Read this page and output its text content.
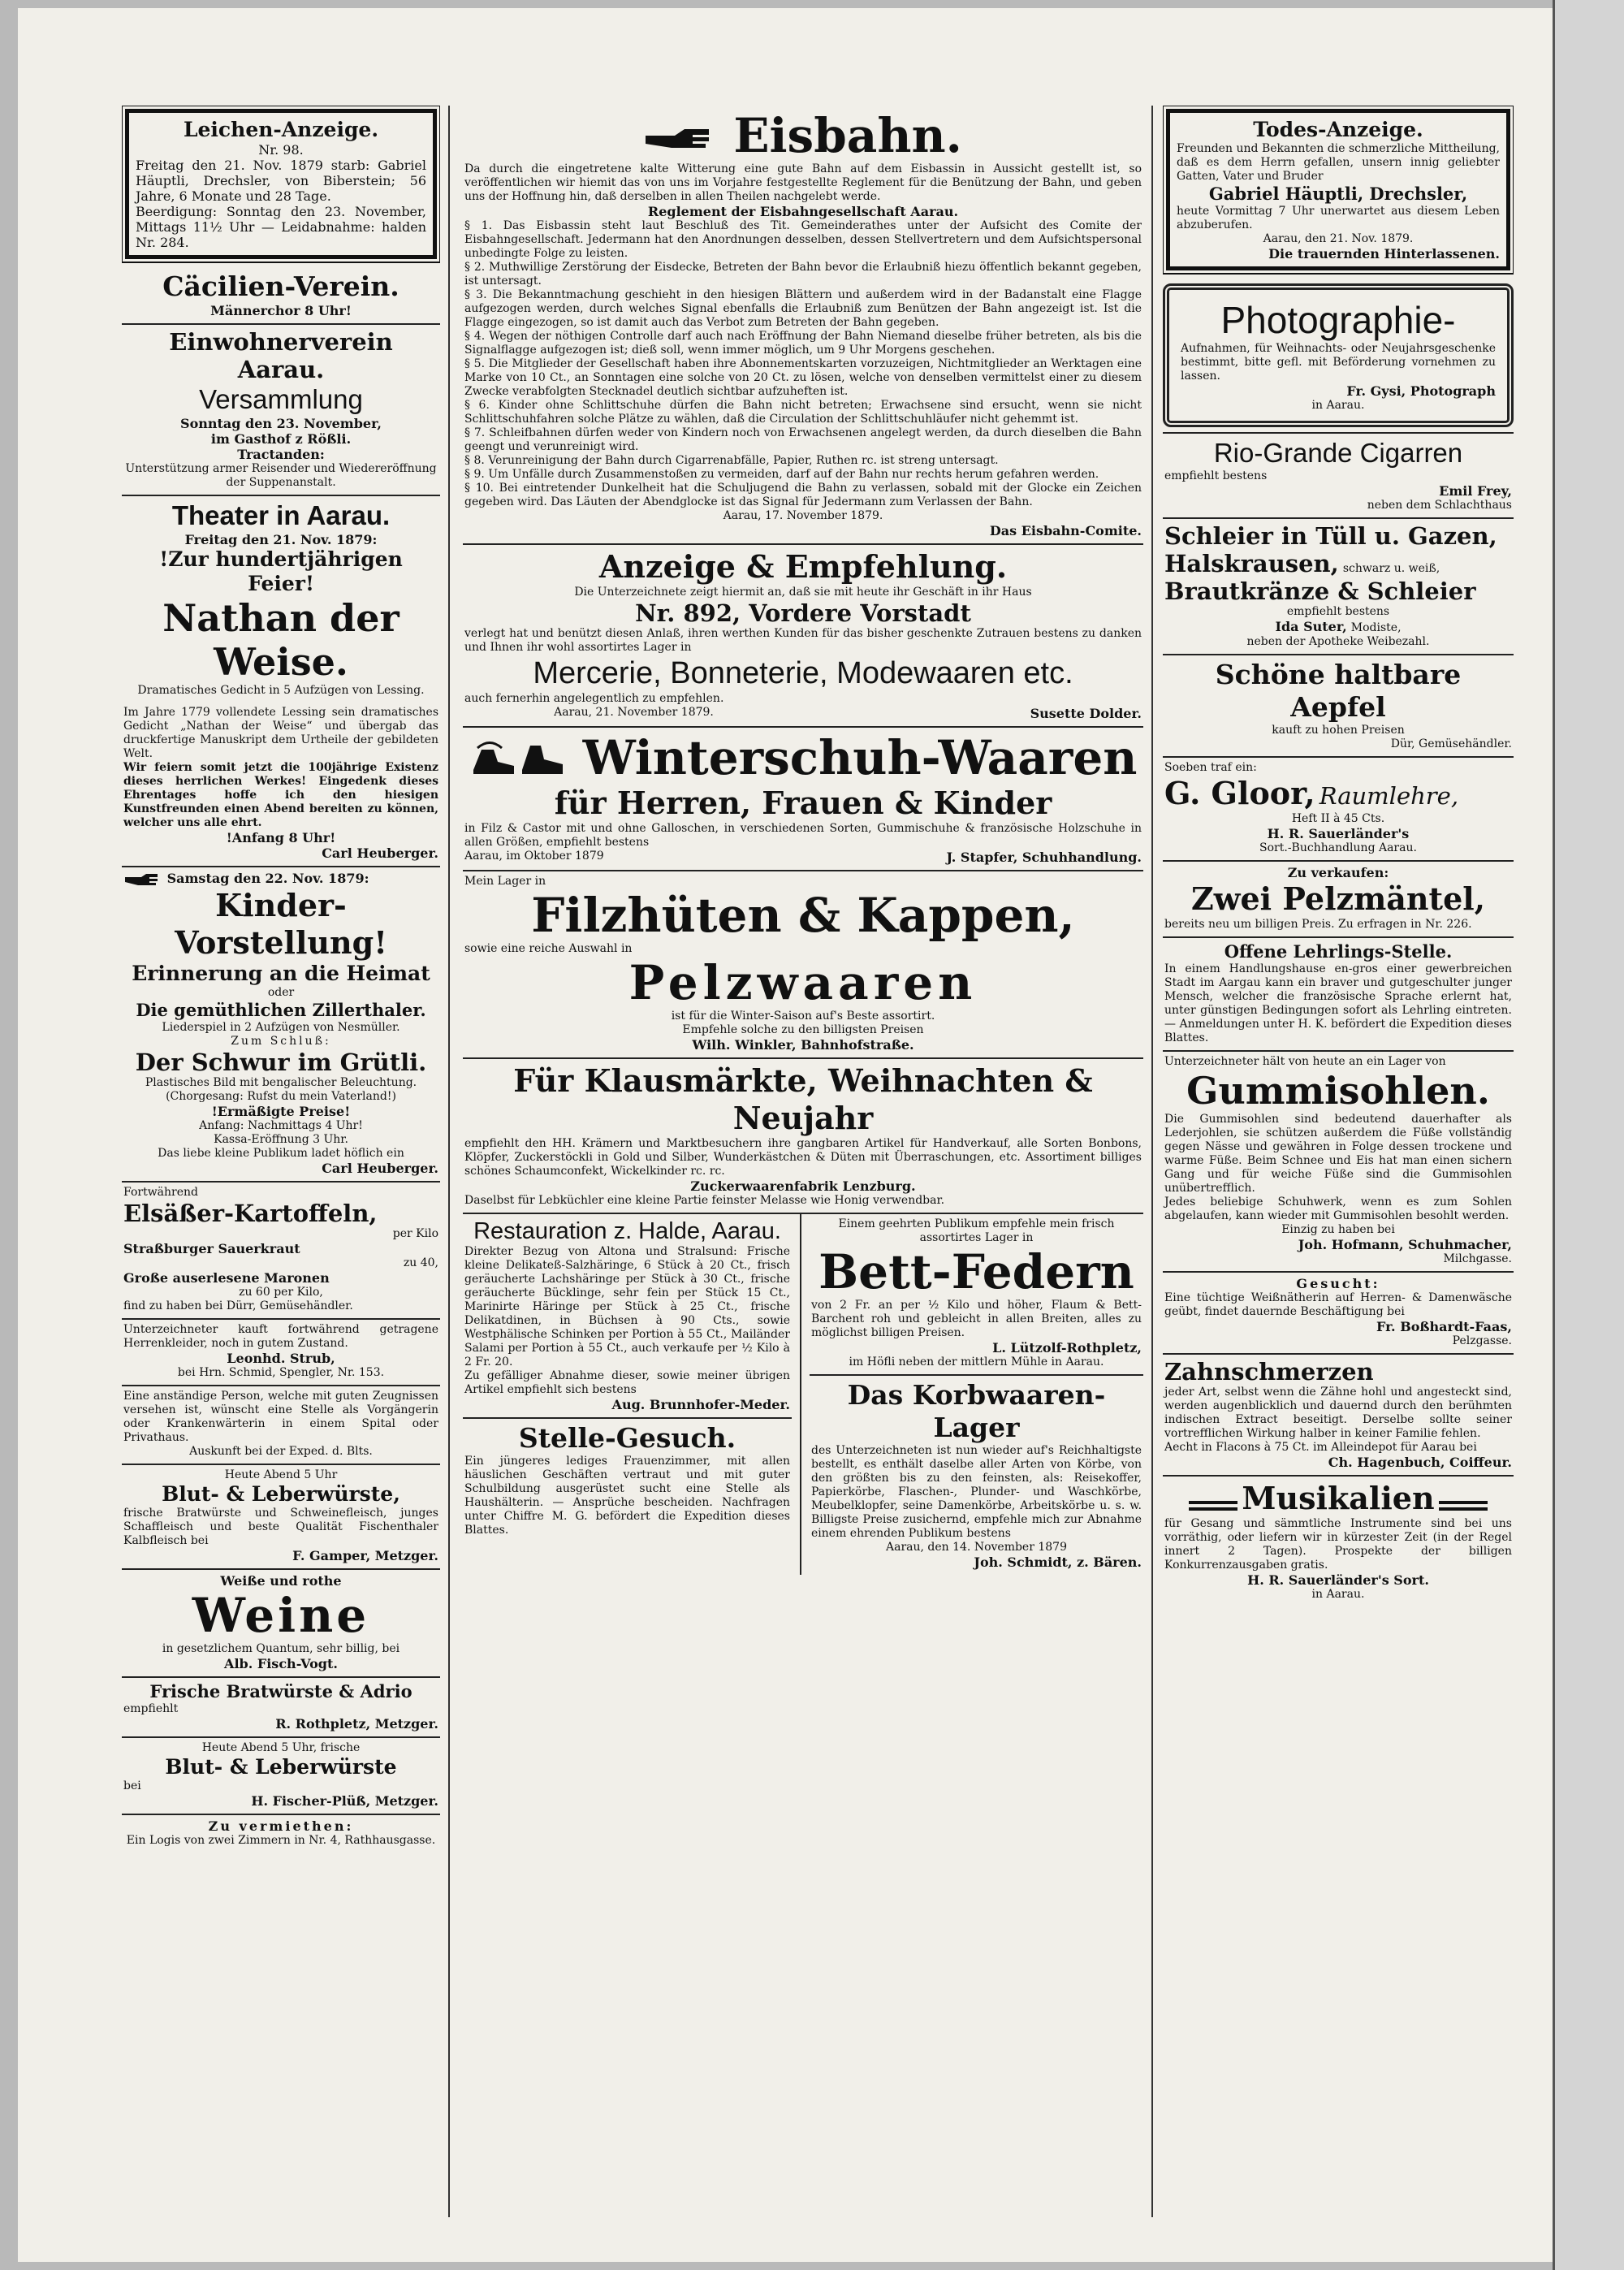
Leichen-Anzeige.

Nr. 98.

Freitag den 21. Nov. 1879 starb: Gabriel Häuptli, Drechsler, von Biberstein; 56 Jahre, 6 Monate und 28 Tage.

Beerdigung: Sonntag den 23. November, Mittags 11½ Uhr — Leidabnahme: halden Nr. 284.

Cäcilien-Verein.

Männerchor 8 Uhr!

Einwohnerverein Aarau.

Versammlung

Sonntag den 23. November,

im Gasthof z Rößli.

Tractanden:

Unterstützung armer Reisender und Wiedereröffnung der Suppenanstalt.

Theater in Aarau.

Freitag den 21. Nov. 1879:

!Zur hundertjährigen Feier!

Nathan der Weise.

Dramatisches Gedicht in 5 Aufzügen von Lessing.

Im Jahre 1779 vollendete Lessing sein dramatisches Gedicht „Nathan der Weise“ und übergab das druckfertige Manuskript dem Urtheile der gebildeten Welt.

Wir feiern somit jetzt die 100jährige Existenz dieses herrlichen Werkes! Eingedenk dieses Ehrentages hoffe ich den hiesigen Kunstfreunden einen Abend bereiten zu können, welcher uns alle ehrt.

!Anfang 8 Uhr!

Carl Heuberger.

Samstag den 22. Nov. 1879:

Kinder-Vorstellung!

Erinnerung an die Heimat

oder

Die gemüthlichen Zillerthaler.

Liederspiel in 2 Aufzügen von Nesmüller.

Zum Schluß:

Der Schwur im Grütli.

Plastisches Bild mit bengalischer Beleuchtung.

(Chorgesang: Rufst du mein Vaterland!)

!Ermäßigte Preise!

Anfang: Nachmittags 4 Uhr!

Kassa-Eröffnung 3 Uhr.

Das liebe kleine Publikum ladet höflich ein

Carl Heuberger.

Fortwährend

Elsäßer-Kartoffeln,

per Kilo

Straßburger Sauerkraut

zu 40,

Große auserlesene Maronen

zu 60 per Kilo,

find zu haben bei Dürr, Gemüsehändler.

Unterzeichneter kauft fortwährend getragene Herrenkleider, noch in gutem Zustand.

Leonhd. Strub,

bei Hrn. Schmid, Spengler, Nr. 153.

Eine anständige Person, welche mit guten Zeugnissen versehen ist, wünscht eine Stelle als Vorgängerin oder Krankenwärterin in einem Spital oder Privathaus.

Auskunft bei der Exped. d. Blts.

Heute Abend 5 Uhr

Blut- & Leberwürste,

frische Bratwürste und Schweinefleisch, junges Schaffleisch und beste Qualität Fischenthaler Kalbfleisch bei

F. Gamper, Metzger.

Weiße und rothe

Weine

in gesetzlichem Quantum, sehr billig, bei

Alb. Fisch-Vogt.

Frische Bratwürste & Adrio

empfiehlt

R. Rothpletz, Metzger.

Heute Abend 5 Uhr, frische

Blut- & Leberwürste

bei

H. Fischer-Plüß, Metzger.

Zu vermiethen:

Ein Logis von zwei Zimmern in Nr. 4, Rathhausgasse.

Eisbahn.

Da durch die eingetretene kalte Witterung eine gute Bahn auf dem Eisbassin in Aussicht gestellt ist, so veröffentlichen wir hiemit das von uns im Vorjahre festgestellte Reglement für die Benützung der Bahn, und geben uns der Hoffnung hin, daß derselben in allen Theilen nachgelebt werde.

Reglement der Eisbahngesellschaft Aarau.

§ 1. Das Eisbassin steht laut Beschluß des Tit. Gemeinderathes unter der Aufsicht des Comite der Eisbahngesellschaft. Jedermann hat den Anordnungen desselben, dessen Stellvertretern und dem Aufsichtspersonal unbedingte Folge zu leisten.

§ 2. Muthwillige Zerstörung der Eisdecke, Betreten der Bahn bevor die Erlaubniß hiezu öffentlich bekannt gegeben, ist untersagt.

§ 3. Die Bekanntmachung geschieht in den hiesigen Blättern und außerdem wird in der Badanstalt eine Flagge aufgezogen werden, durch welches Signal ebenfalls die Erlaubniß zum Benützen der Bahn angezeigt ist. Ist die Flagge eingezogen, so ist damit auch das Verbot zum Betreten der Bahn gegeben.

§ 4. Wegen der nöthigen Controlle darf auch nach Eröffnung der Bahn Niemand dieselbe früher betreten, als bis die Signalflagge aufgezogen ist; dieß soll, wenn immer möglich, um 9 Uhr Morgens geschehen.

§ 5. Die Mitglieder der Gesellschaft haben ihre Abonnementskarten vorzuzeigen, Nichtmitglieder an Werktagen eine Marke von 10 Ct., an Sonntagen eine solche von 20 Ct. zu lösen, welche von denselben vermittelst einer zu diesem Zwecke verabfolgten Stecknadel deutlich sichtbar aufzuheften ist.

§ 6. Kinder ohne Schlittschuhe dürfen die Bahn nicht betreten; Erwachsene sind ersucht, wenn sie nicht Schlittschuhfahren solche Plätze zu wählen, daß die Circulation der Schlittschuhläufer nicht gehemmt ist.

§ 7. Schleifbahnen dürfen weder von Kindern noch von Erwachsenen angelegt werden, da durch dieselben die Bahn geengt und verunreinigt wird.

§ 8. Verunreinigung der Bahn durch Cigarrenabfälle, Papier, Ruthen rc. ist streng untersagt.

§ 9. Um Unfälle durch Zusammenstoßen zu vermeiden, darf auf der Bahn nur rechts herum gefahren werden.

§ 10. Bei eintretender Dunkelheit hat die Schuljugend die Bahn zu verlassen, sobald mit der Glocke ein Zeichen gegeben wird. Das Läuten der Abendglocke ist das Signal für Jedermann zum Verlassen der Bahn.

Aarau, 17. November 1879.

Das Eisbahn-Comite.

Anzeige & Empfehlung.

Die Unterzeichnete zeigt hiermit an, daß sie mit heute ihr Geschäft in ihr Haus

Nr. 892, Vordere Vorstadt

verlegt hat und benützt diesen Anlaß, ihren werthen Kunden für das bisher geschenkte Zutrauen bestens zu danken und Ihnen ihr wohl assortirtes Lager in

Mercerie, Bonneterie, Modewaaren etc.

auch fernerhin angelegentlich zu empfehlen.

Aarau, 21. November 1879.	Susette Dolder.

Winterschuh-Waaren

für Herren, Frauen & Kinder

in Filz & Castor mit und ohne Galloschen, in verschiedenen Sorten, Gummischuhe & französische Holzschuhe in allen Größen, empfiehlt bestens

Aarau, im Oktober 1879	J. Stapfer, Schuhhandlung.

Mein Lager in

Filzhüten & Kappen,

sowie eine reiche Auswahl in

Pelzwaaren

ist für die Winter-Saison auf's Beste assortirt.

Empfehle solche zu den billigsten Preisen

Wilh. Winkler, Bahnhofstraße.

Für Klausmärkte, Weihnachten & Neujahr

empfiehlt den HH. Krämern und Marktbesuchern ihre gangbaren Artikel für Handverkauf, alle Sorten Bonbons, Klöpfer, Zuckerstöckli in Gold und Silber, Wunderkästchen & Düten mit Überraschungen, etc. Assortiment billiges schönes Schaumconfekt, Wickelkinder rc. rc.

Zuckerwaarenfabrik Lenzburg.

Daselbst für Lebküchler eine kleine Partie feinster Melasse wie Honig verwendbar.

Restauration z. Halde, Aarau.

Direkter Bezug von Altona und Stralsund: Frische kleine Delikateß-Salzhäringe, 6 Stück à 20 Ct., frisch geräucherte Lachshäringe per Stück à 30 Ct., frische geräucherte Bücklinge, sehr fein per Stück 15 Ct., Marinirte Häringe per Stück à 25 Ct., frische Delikatdinen, in Büchsen à 90 Cts., sowie Westphälische Schinken per Portion à 55 Ct., Mailänder Salami per Portion à 55 Ct., auch verkaufe per ½ Kilo à 2 Fr. 20.

Zu gefälliger Abnahme dieser, sowie meiner übrigen Artikel empfiehlt sich bestens

Aug. Brunnhofer-Meder.

Stelle-Gesuch.

Ein jüngeres lediges Frauenzimmer, mit allen häuslichen Geschäften vertraut und mit guter Schulbildung ausgerüstet sucht eine Stelle als Haushälterin. — Ansprüche bescheiden. Nachfragen unter Chiffre M. G. befördert die Expedition dieses Blattes.

Einem geehrten Publikum empfehle mein frisch assortirtes Lager in

Bett-Federn

von 2 Fr. an per ½ Kilo und höher, Flaum & Bett-Barchent roh und gebleicht in allen Breiten, alles zu möglichst billigen Preisen.

L. Lützolf-Rothpletz,

im Höfli neben der mittlern Mühle in Aarau.

Das Korbwaaren-Lager

des Unterzeichneten ist nun wieder auf's Reichhaltigste bestellt, es enthält daselbe aller Arten von Körbe, von den größten bis zu den feinsten, als: Reisekoffer, Papierkörbe, Flaschen-, Plunder- und Waschkörbe, Meubelklopfer, seine Damenkörbe, Arbeitskörbe u. s. w. Billigste Preise zusichernd, empfehle mich zur Abnahme einem ehrenden Publikum bestens

Aarau, den 14. November 1879

Joh. Schmidt, z. Bären.

Todes-Anzeige.

Freunden und Bekannten die schmerzliche Mittheilung, daß es dem Herrn gefallen, unsern innig geliebter Gatten, Vater und Bruder

Gabriel Häuptli, Drechsler,

heute Vormittag 7 Uhr unerwartet aus diesem Leben abzuberufen.

Aarau, den 21. Nov. 1879.

Die trauernden Hinterlassenen.

Photographie-

Aufnahmen, für Weihnachts- oder Neujahrsgeschenke bestimmt, bitte gefl. mit Beförderung vornehmen zu lassen.

Fr. Gysi, Photograph

in Aarau.

Rio-Grande Cigarren

empfiehlt bestens

Emil Frey,

neben dem Schlachthaus

Schleier in Tüll u. Gazen,

Halskrausen, schwarz u. weiß,

Brautkränze & Schleier

empfiehlt bestens

Ida Suter, Modiste,

neben der Apotheke Weibezahl.

Schöne haltbare Aepfel

kauft zu hohen Preisen

Dür, Gemüsehändler.

Soeben traf ein:

G. Gloor, Raumlehre,

Heft II à 45 Cts.

H. R. Sauerländer's

Sort.-Buchhandlung Aarau.

Zu verkaufen:

Zwei Pelzmäntel,

bereits neu um billigen Preis. Zu erfragen in Nr. 226.

Offene Lehrlings-Stelle.

In einem Handlungshause en-gros einer gewerbreichen Stadt im Aargau kann ein braver und gutgeschulter junger Mensch, welcher die französische Sprache erlernt hat, unter günstigen Bedingungen sofort als Lehrling eintreten. — Anmeldungen unter H. K. befördert die Expedition dieses Blattes.

Unterzeichneter hält von heute an ein Lager von

Gummisohlen.

Die Gummisohlen sind bedeutend dauerhafter als Lederjohlen, sie schützen außerdem die Füße vollständig gegen Nässe und gewähren in Folge dessen trockene und warme Füße. Beim Schnee und Eis hat man einen sichern Gang und für weiche Füße sind die Gummisohlen unübertrefflich.

Jedes beliebige Schuhwerk, wenn es zum Sohlen abgelaufen, kann wieder mit Gummisohlen besohlt werden.

Einzig zu haben bei

Joh. Hofmann, Schuhmacher,

Milchgasse.

Gesucht:

Eine tüchtige Weißnätherin auf Herren- & Damenwäsche geübt, findet dauernde Beschäftigung bei

Fr. Boßhardt-Faas,

Pelzgasse.

Zahnschmerzen

jeder Art, selbst wenn die Zähne hohl und angesteckt sind, werden augenblicklich und dauernd durch den berühmten indischen Extract beseitigt. Derselbe sollte seiner vortrefflichen Wirkung halber in keiner Familie fehlen.

Aecht in Flacons à 75 Ct. im Alleindepot für Aarau bei

Ch. Hagenbuch, Coiffeur.

Musikalien

für Gesang und sämmtliche Instrumente sind bei uns vorräthig, oder liefern wir in kürzester Zeit (in der Regel innert 2 Tagen). Prospekte der billigen Konkurrenzausgaben gratis.

H. R. Sauerländer's Sort.

in Aarau.
